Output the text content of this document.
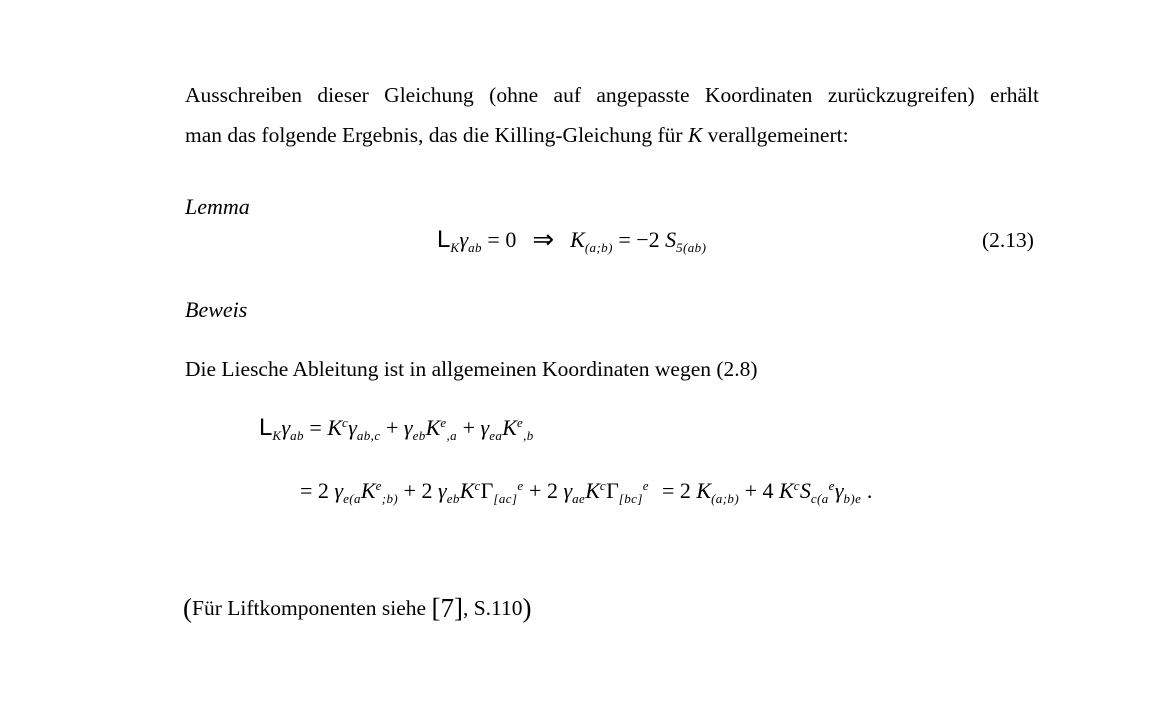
Ausschreiben dieser Gleichung (ohne auf angepasste Koordinaten zurückzugreifen) erhält
man das folgende Ergebnis, das die Killing-Gleichung für K verallgemeinert:
Lemma
$L_K\gamma_{ab} = 0$ ⇒ $K_{(a;b)} = -2$ $S_{5(ab)}$	(2.13)
Beweis
Die Liesche Ableitung ist in allgemeinen Koordinaten wegen (2.8)
$L_K\gamma_{ab} = K^c\gamma_{ab,c} + \gamma_{eb}K^e_{,a} + \gamma_{ea}K^e_{,b}$
= 2 $\gamma_{e(a}K^e_{;b)} + 2$ $\gamma_{eb}K^c\Gamma_{[ac]}^e + 2$ $\gamma_{ae}K^c\Gamma_{[bc]}^e = 2$ $K_{(a;b)} + 4$ $K^cS_{c(a}^e\gamma_{b)e}$ .
(Für Liftkomponenten siehe [7], S.110)
